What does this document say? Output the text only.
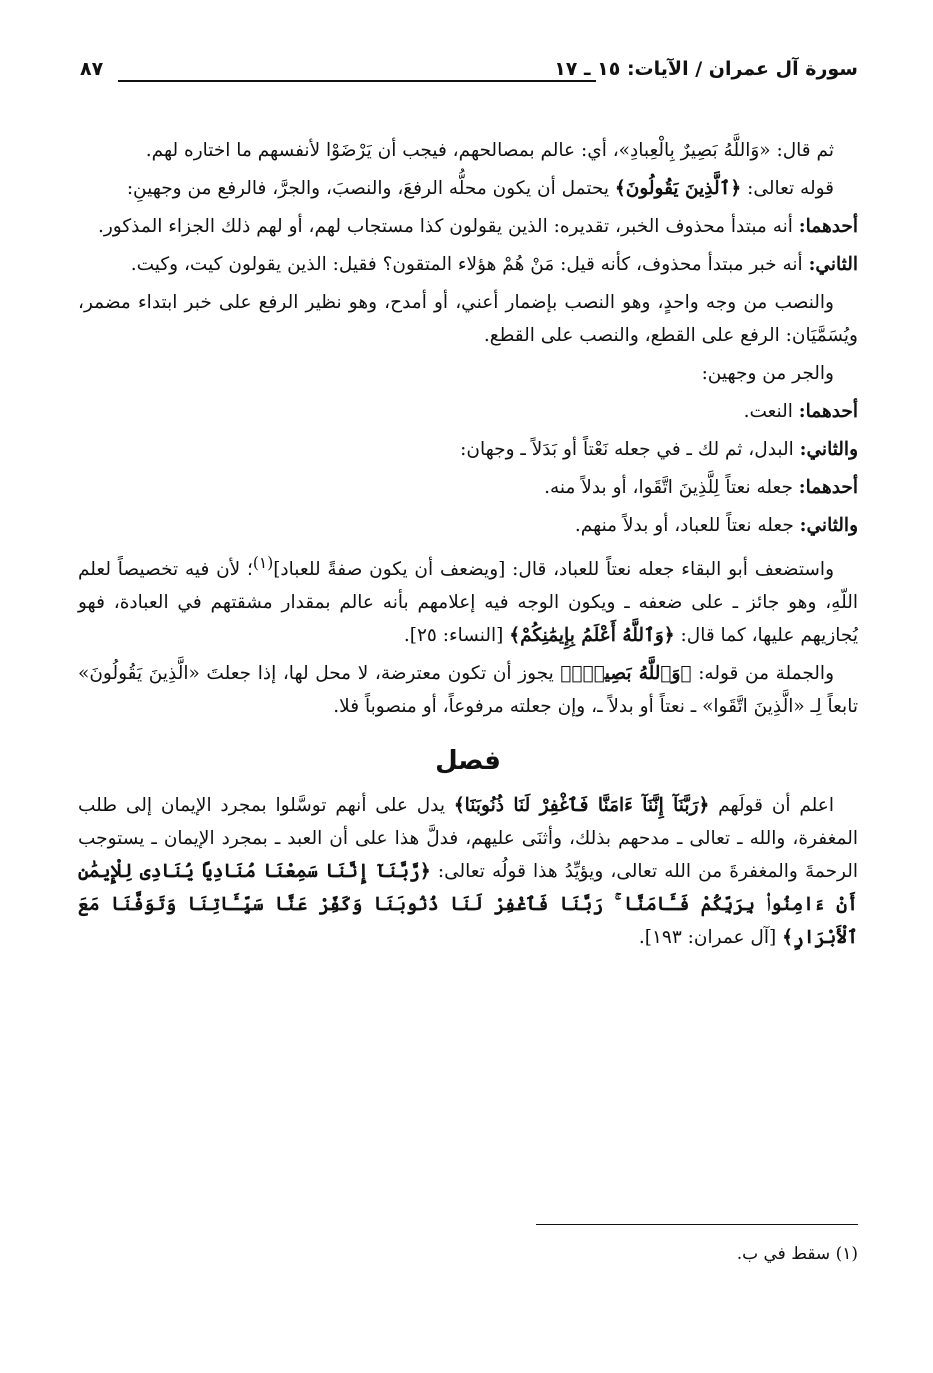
سورة آل عمران / الآيات: ١٥ ـ ١٧
٨٧

ثم قال: «وَاللَّهُ بَصِيرٌ بِالْعِبادِ»، أي: عالم بمصالحهم، فيجب أن يَرْضَوْا لأنفسهم ما اختاره لهم.

قوله تعالى: ﴿ٱلَّذِينَ يَقُولُونَ﴾ يحتمل أن يكون محلُّه الرفعَ، والنصبَ، والجرَّ، فالرفع من وجهينِ:

أحدهما: أنه مبتدأ محذوف الخبر، تقديره: الذين يقولون كذا مستجاب لهم، أو لهم ذلك الجزاء المذكور.

الثاني: أنه خبر مبتدأ محذوف، كأنه قيل: مَنْ هُمْ هؤلاء المتقون؟ فقيل: الذين يقولون كيت، وكيت.

والنصب من وجه واحدٍ، وهو النصب بإضمار أعني، أو أمدح، وهو نظير الرفع على خبر ابتداء مضمر، ويُسَمَّيَان: الرفع على القطع، والنصب على القطع.

والجر من وجهين:

أحدهما: النعت.

والثاني: البدل، ثم لك ـ في جعله نَعْتاً أو بَدَلاً ـ وجهان:

أحدهما: جعله نعتاً لِلَّذِينَ اتَّقَوا، أو بدلاً منه.

والثاني: جعله نعتاً للعباد، أو بدلاً منهم.

واستضعف أبو البقاء جعله نعتاً للعباد، قال: [ويضعف أن يكون صفةً للعباد]$^{(١)}$؛ لأن فيه تخصيصاً لعلم اللّهِ، وهو جائز ـ على ضعفه ـ ويكون الوجه فيه إعلامهم بأنه عالم بمقدار مشقتهم في العبادة، فهو يُجازيهم عليها، كما قال: ﴿وَٱللَّهُ أَعْلَمُ بِإِيمَٰنِكُمْ﴾ [النساء: ٢٥].

والجملة من قوله: ﴿وَٱللَّهُ بَصِيرٌۢ﴾ يجوز أن تكون معترضة، لا محل لها، إذا جعلتَ «الَّذِينَ يَقُولُونَ» تابعاً لِـ «الَّذِينَ اتَّقَوا» ـ نعتاً أو بدلاً ـ، وإن جعلته مرفوعاً، أو منصوباً فلا.

فصل

اعلم أن قولَهم ﴿رَبَّنَآ إِنَّنَآ ءَامَنَّا فَٱغْفِرْ لَنَا ذُنُوبَنَا﴾ يدل على أنهم توسَّلوا بمجرد الإيمان إلى طلب المغفرة، والله ـ تعالى ـ مدحهم بذلك، وأثنَى عليهم، فدلَّ هذا على أن العبد ـ بمجرد الإيمان ـ يستوجب الرحمةَ والمغفرةَ من الله تعالى، ويؤيِّدُ هذا قولُه تعالى: ﴿رَّبَّنَآ إِنَّنَا سَمِعْنَا مُنَادِيًا يُنَادِى لِلْإِيمَٰنِ أَنْ ءَامِنُوا۟ بِرَبِّكُمْ فَـَٔامَنَّا ۚ رَبَّنَا فَٱغْفِرْ لَنَا ذُنُوبَنَا وَكَفِّرْ عَنَّا سَيِّـَٔاتِنَا وَتَوَفَّنَا مَعَ ٱلْأَبْرَارِ﴾ [آل عمران: ١٩٣].

(١) سقط في ب.
